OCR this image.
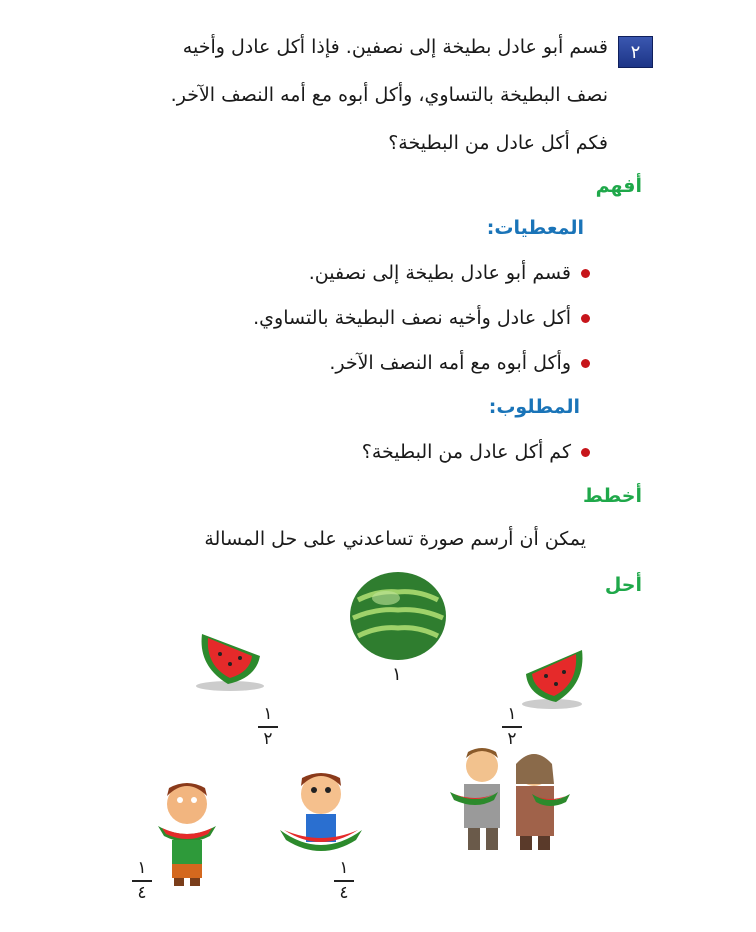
﻿ ﻿
٢
قسم أبو عادل بطيخة إلى نصفين. فإذا أكل عادل وأخيه
نصف البطيخة بالتساوي، وأكل أبوه مع أمه النصف الآخر.
فكم أكل عادل من البطيخة؟
أفهم
المعطيات:
قسم أبو عادل بطيخة إلى نصفين.
أكل عادل وأخيه نصف البطيخة بالتساوي.
وأكل أبوه مع أمه النصف الآخر.
المطلوب:
كم أكل عادل من البطيخة؟
أخطط
يمكن أن أرسم صورة تساعدني على حل المسالة
أحل
١
١
٢
١
٢
١
٤
١
٤
